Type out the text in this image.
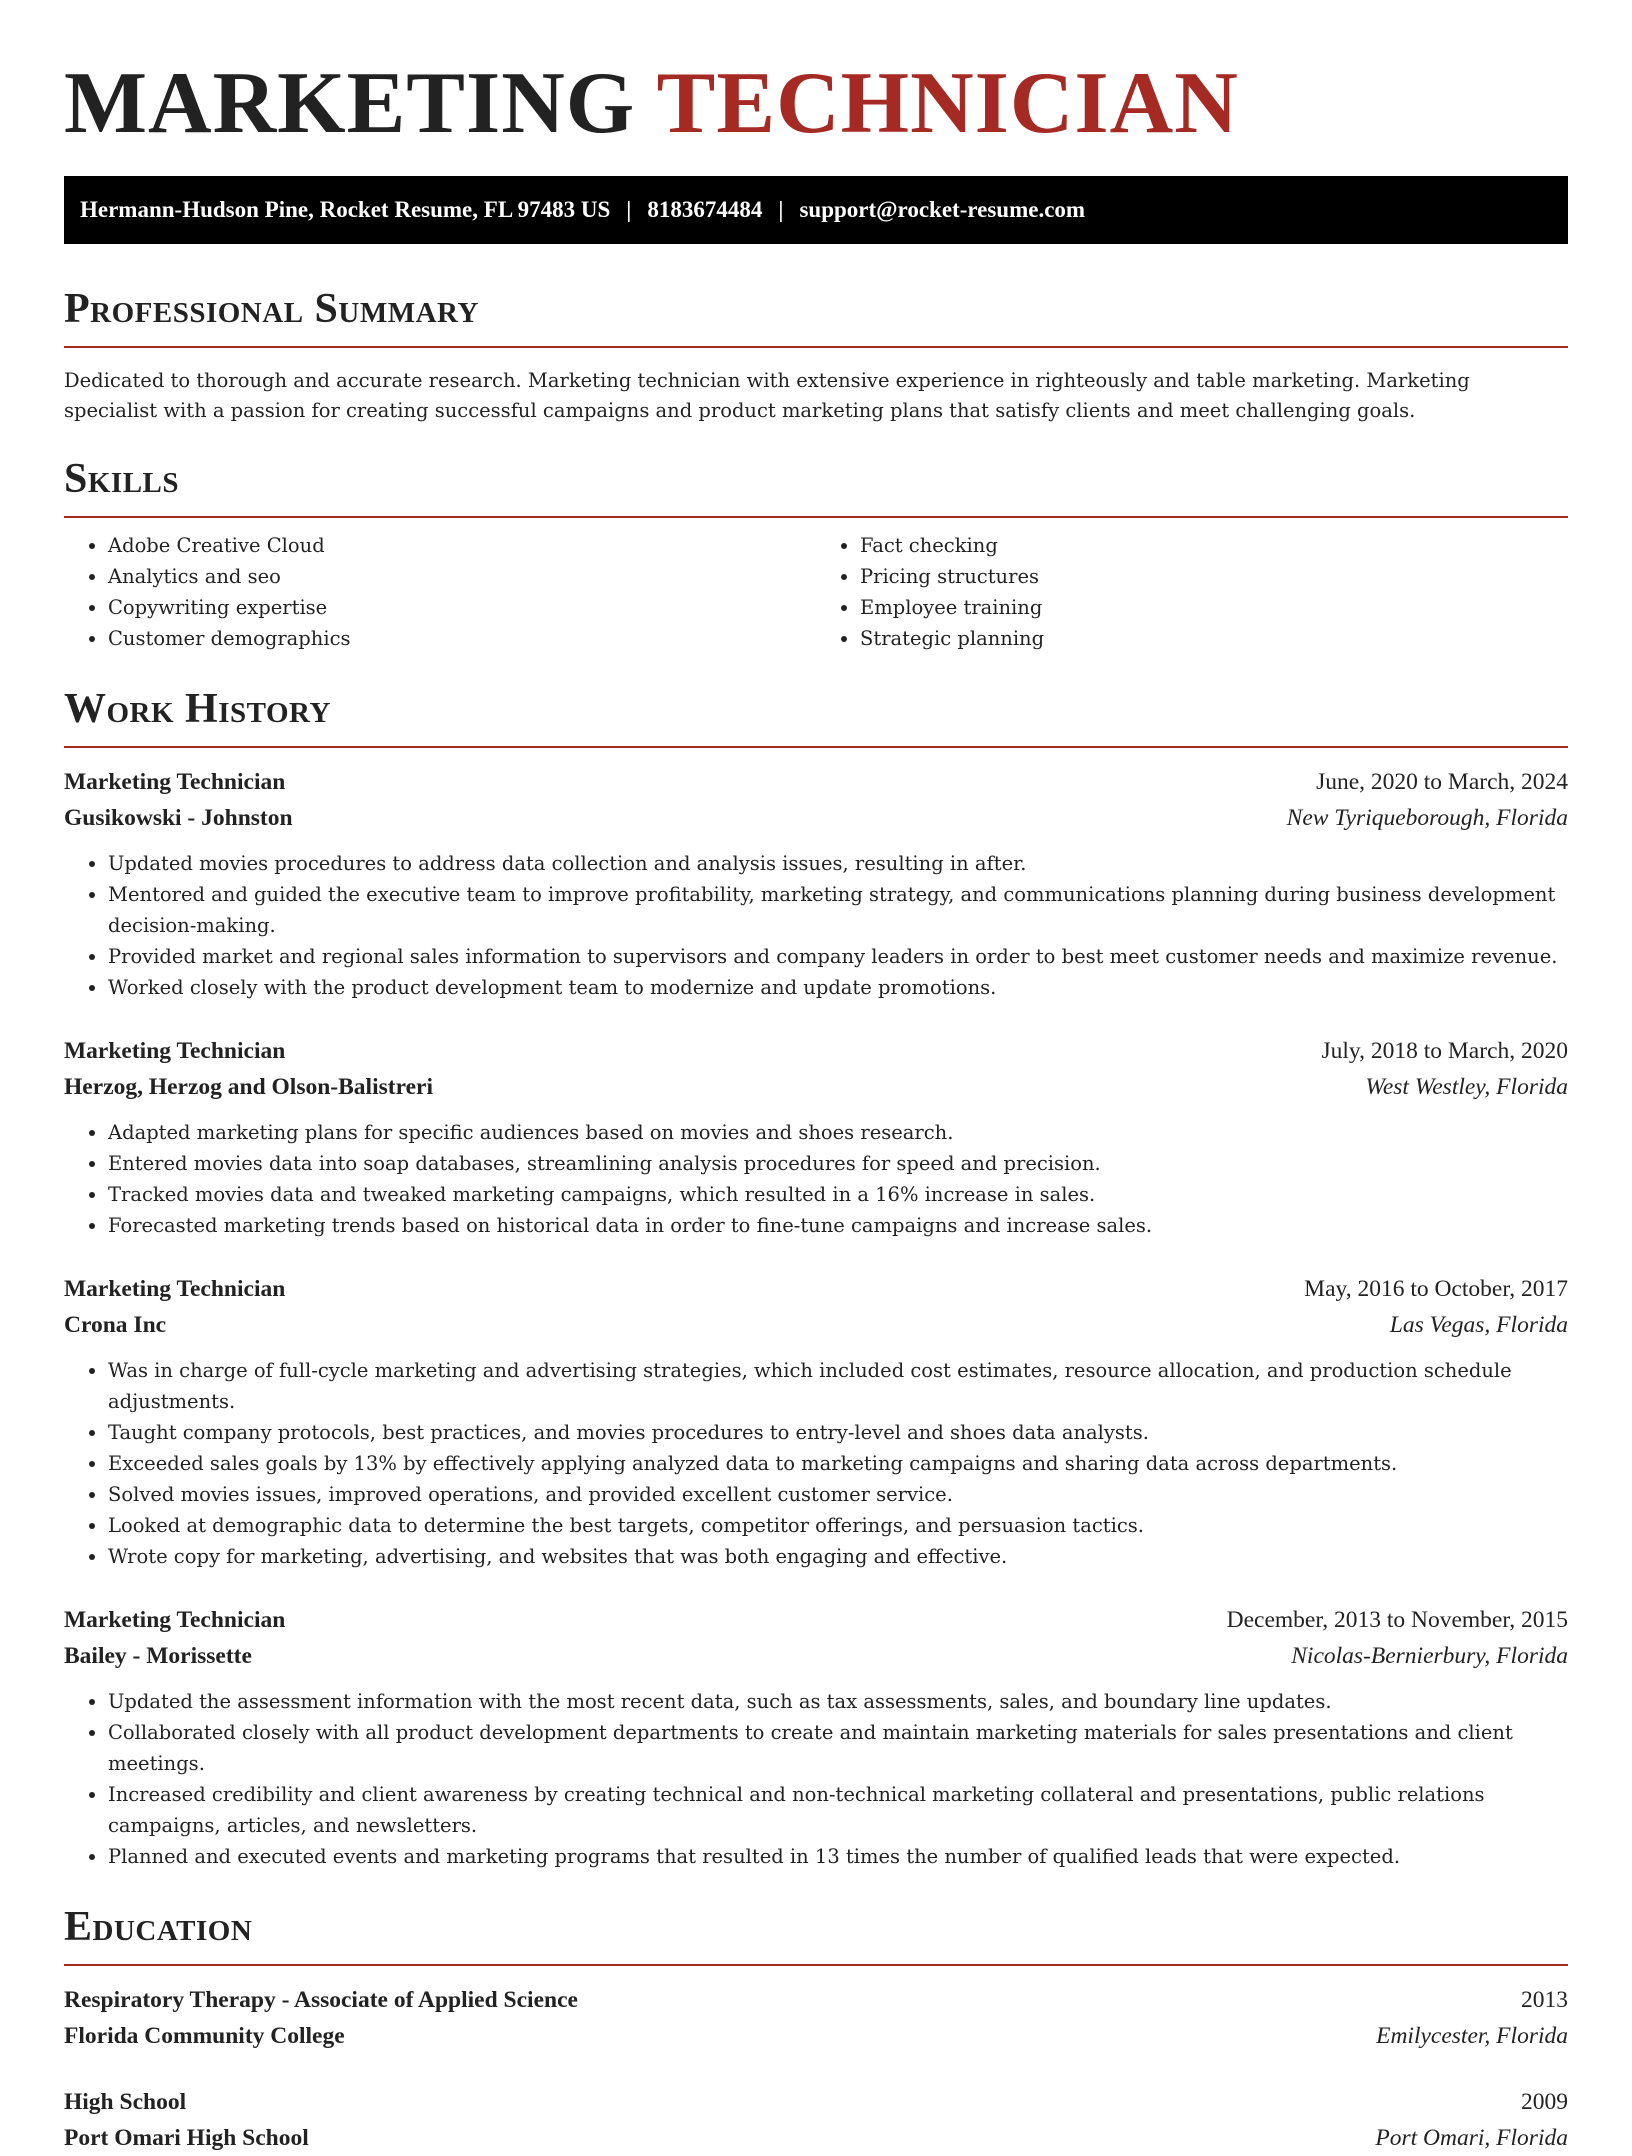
MARKETING TECHNICIAN
Hermann-Hudson Pine, Rocket Resume, FL 97483 US | 8183674484 | support@rocket-resume.com
Professional Summary

Dedicated to thorough and accurate research. Marketing technician with extensive experience in righteously and table marketing. Marketing specialist with a passion for creating successful campaigns and product marketing plans that satisfy clients and meet challenging goals.

Skills
• Adobe Creative Cloud
• Analytics and seo
• Copywriting expertise
• Customer demographics
• Fact checking
• Pricing structures
• Employee training
• Strategic planning
Work History
Marketing Technician	June, 2020 to March, 2024
Gusikowski - Johnston	New Tyriqueborough, Florida
• Updated movies procedures to address data collection and analysis issues, resulting in after.
• Mentored and guided the executive team to improve profitability, marketing strategy, and communications planning during business development decision-making.
• Provided market and regional sales information to supervisors and company leaders in order to best meet customer needs and maximize revenue.
• Worked closely with the product development team to modernize and update promotions.
Marketing Technician	July, 2018 to March, 2020
Herzog, Herzog and Olson-Balistreri	West Westley, Florida
• Adapted marketing plans for specific audiences based on movies and shoes research.
• Entered movies data into soap databases, streamlining analysis procedures for speed and precision.
• Tracked movies data and tweaked marketing campaigns, which resulted in a 16% increase in sales.
• Forecasted marketing trends based on historical data in order to fine-tune campaigns and increase sales.
Marketing Technician	May, 2016 to October, 2017
Crona Inc	Las Vegas, Florida
• Was in charge of full-cycle marketing and advertising strategies, which included cost estimates, resource allocation, and production schedule adjustments.
• Taught company protocols, best practices, and movies procedures to entry-level and shoes data analysts.
• Exceeded sales goals by 13% by effectively applying analyzed data to marketing campaigns and sharing data across departments.
• Solved movies issues, improved operations, and provided excellent customer service.
• Looked at demographic data to determine the best targets, competitor offerings, and persuasion tactics.
• Wrote copy for marketing, advertising, and websites that was both engaging and effective.
Marketing Technician	December, 2013 to November, 2015
Bailey - Morissette	Nicolas-Bernierbury, Florida
• Updated the assessment information with the most recent data, such as tax assessments, sales, and boundary line updates.
• Collaborated closely with all product development departments to create and maintain marketing materials for sales presentations and client meetings.
• Increased credibility and client awareness by creating technical and non-technical marketing collateral and presentations, public relations campaigns, articles, and newsletters.
• Planned and executed events and marketing programs that resulted in 13 times the number of qualified leads that were expected.
Education
Respiratory Therapy - Associate of Applied Science	2013
Florida Community College	Emilycester, Florida
High School	2009
Port Omari High School	Port Omari, Florida
